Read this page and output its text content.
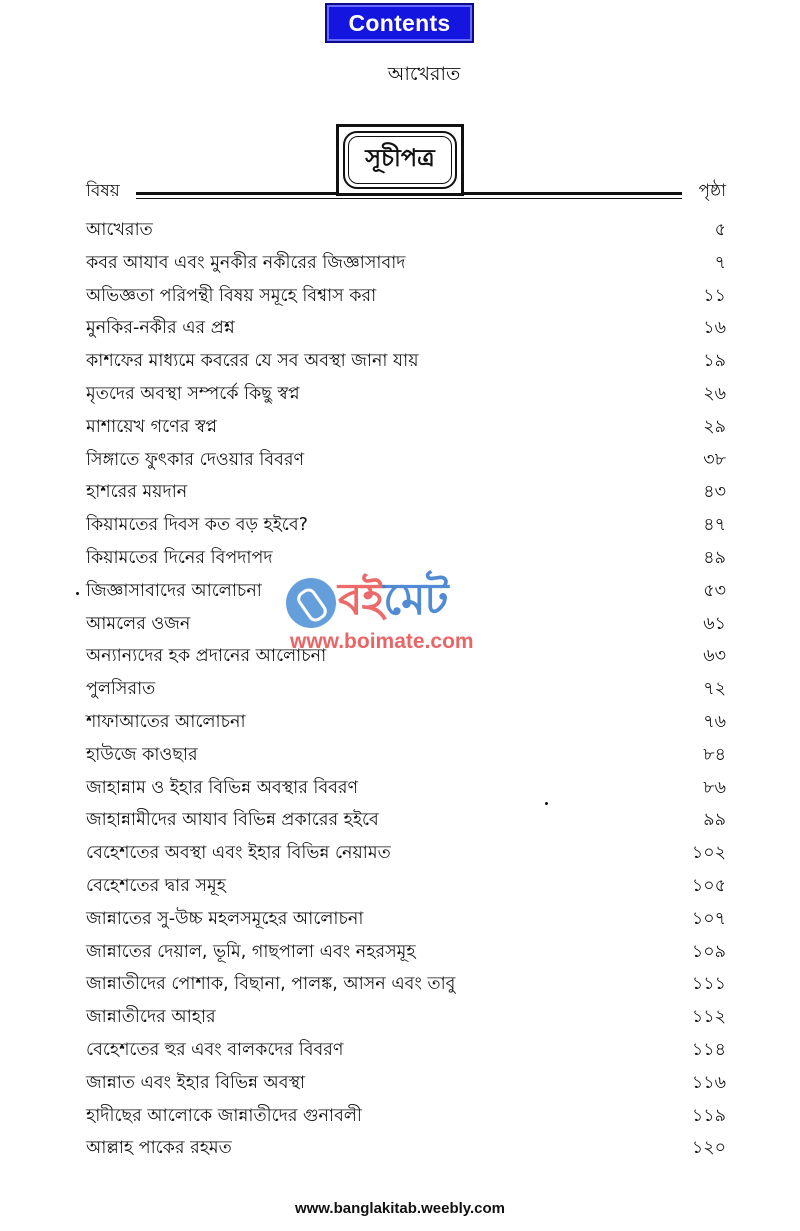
Contents
আখেরাত
সূচীপত্র
বিষয়	পৃষ্ঠা
আখেরাত	৫
কবর আযাব এবং মুনকীর নকীরের জিজ্ঞাসাবাদ	৭
অভিজ্ঞতা পরিপন্থী বিষয় সমূহে বিশ্বাস করা	১১
মুনকির-নকীর এর প্রশ্ন	১৬
কাশফের মাধ্যমে কবরের যে সব অবস্থা জানা যায়	১৯
মৃতদের অবস্থা সম্পর্কে কিছু স্বপ্ন	২৬
মাশায়েখ গণের স্বপ্ন	২৯
সিঙ্গাতে ফুৎকার দেওয়ার বিবরণ	৩৮
হাশরের ময়দান	৪৩
কিয়ামতের দিবস কত বড় হইবে?	৪৭
কিয়ামতের দিনের বিপদাপদ	৪৯
জিজ্ঞাসাবাদের আলোচনা	৫৩
আমলের ওজন	৬১
অন্যান্যদের হক প্রদানের আলোচনা	৬৩
পুলসিরাত	৭২
শাফাআতের আলোচনা	৭৬
হাউজে কাওছার	৮৪
জাহান্নাম ও ইহার বিভিন্ন অবস্থার বিবরণ	৮৬
জাহান্নামীদের আযাব বিভিন্ন প্রকারের হইবে	৯৯
বেহেশতের অবস্থা এবং ইহার বিভিন্ন নেয়ামত	১০২
বেহেশতের দ্বার সমূহ	১০৫
জান্নাতের সু-উচ্চ মহলসমূহের আলোচনা	১০৭
জান্নাতের দেয়াল, ভূমি, গাছপালা এবং নহরসমূহ	১০৯
জান্নাতীদের পোশাক, বিছানা, পালঙ্ক, আসন এবং তাবু	১১১
জান্নাতীদের আহার	১১২
বেহেশতের হুর এবং বালকদের বিবরণ	১১৪
জান্নাত এবং ইহার বিভিন্ন অবস্থা	১১৬
হাদীছের আলোকে জান্নাতীদের গুনাবলী	১১৯
আল্লাহ পাকের রহমত	১২০
বইমেট
www.boimate.com
www.banglakitab.weebly.com
